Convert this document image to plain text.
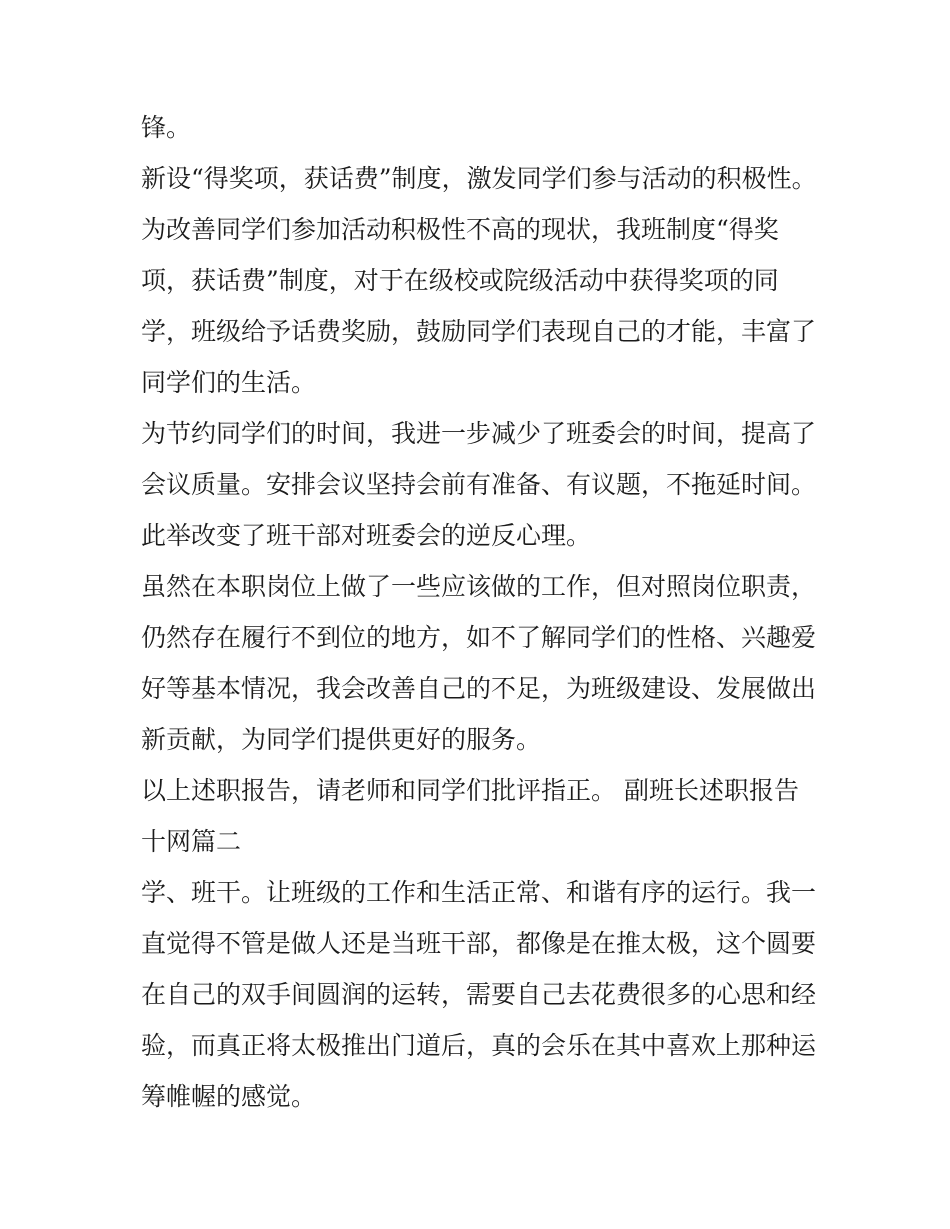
锋。

新设“得奖项，获话费”制度，激发同学们参与活动的积极性。

为改善同学们参加活动积极性不高的现状，我班制度“得奖

项，获话费”制度，对于在级校或院级活动中获得奖项的同

学，班级给予话费奖励，鼓励同学们表现自己的才能，丰富了

同学们的生活。

为节约同学们的时间，我进一步减少了班委会的时间，提高了

会议质量。安排会议坚持会前有准备、有议题，不拖延时间。

此举改变了班干部对班委会的逆反心理。

虽然在本职岗位上做了一些应该做的工作，但对照岗位职责，

仍然存在履行不到位的地方，如不了解同学们的性格、兴趣爱

好等基本情况，我会改善自己的不足，为班级建设、发展做出

新贡献，为同学们提供更好的服务。

以上述职报告，请老师和同学们批评指正。 副班长述职报告

十网篇二

学、班干。让班级的工作和生活正常、和谐有序的运行。我一

直觉得不管是做人还是当班干部，都像是在推太极，这个圆要

在自己的双手间圆润的运转，需要自己去花费很多的心思和经

验，而真正将太极推出门道后，真的会乐在其中喜欢上那种运

筹帷幄的感觉。
